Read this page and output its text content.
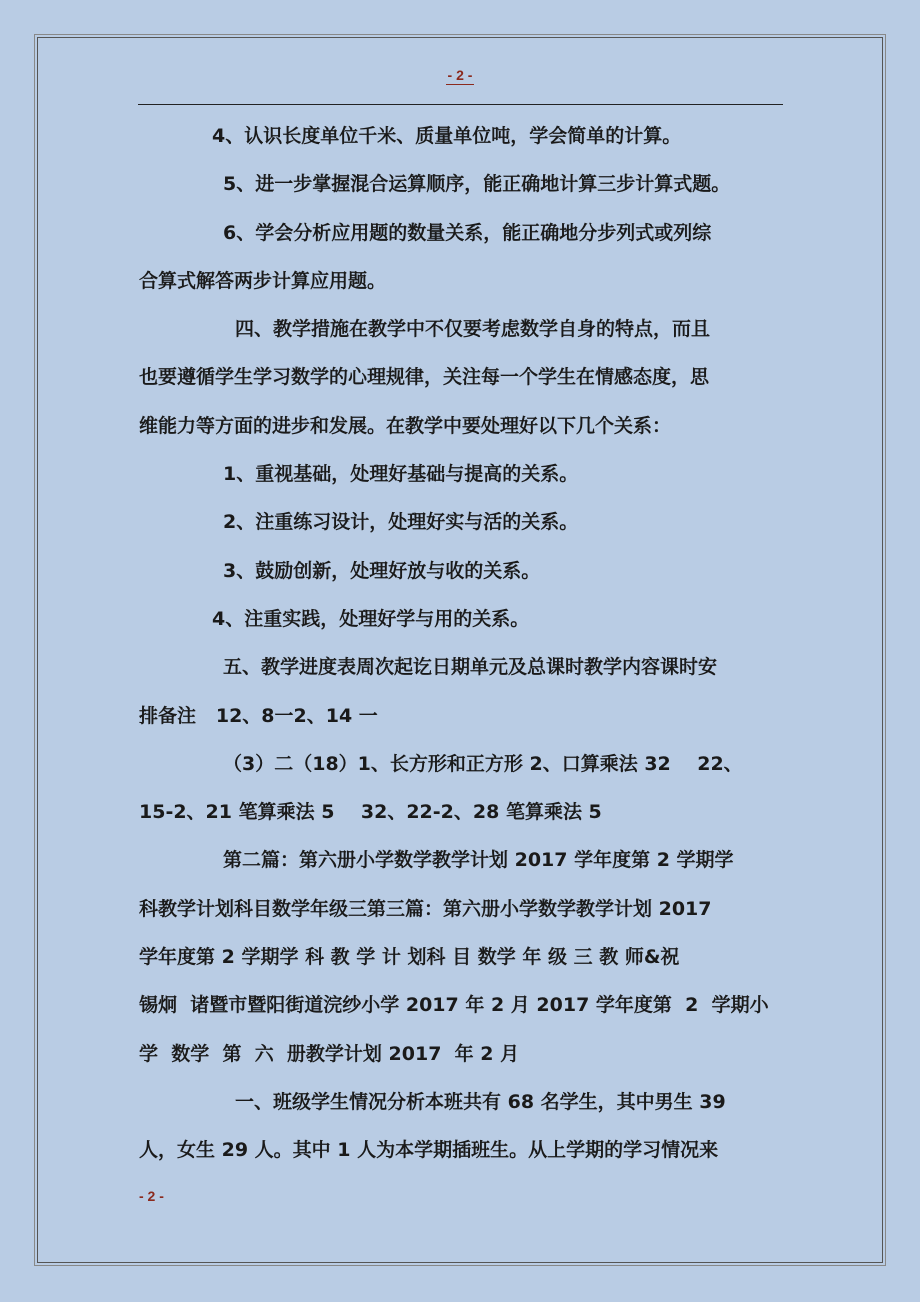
- 2 -

4、认识长度单位千米、质量单位吨，学会简单的计算。

5、进一步掌握混合运算顺序，能正确地计算三步计算式题。

6、学会分析应用题的数量关系，能正确地分步列式或列综

合算式解答两步计算应用题。

四、教学措施在教学中不仅要考虑数学自身的特点，而且

也要遵循学生学习数学的心理规律，关注每一个学生在情感态度，思

维能力等方面的进步和发展。在教学中要处理好以下几个关系：

1、重视基础，处理好基础与提高的关系。

2、注重练习设计，处理好实与活的关系。

3、鼓励创新，处理好放与收的关系。

4、注重实践，处理好学与用的关系。

五、教学进度表周次起讫日期单元及总课时教学内容课时安

排备注   12、8一2、14 一

（3）二（18）1、长方形和正方形 2、口算乘法 32    22、

15-2、21 笔算乘法 5    32、22-2、28 笔算乘法 5

第二篇：第六册小学数学教学计划 2017 学年度第 2 学期学

科教学计划科目数学年级三第三篇：第六册小学数学教学计划 2017

学年度第 2 学期学 科 教 学 计 划科 目 数学 年 级 三 教 师&祝

锡炯  诸暨市暨阳街道浣纱小学 2017 年 2 月 2017 学年度第  2  学期小

学  数学  第  六  册教学计划 2017  年 2 月

一、班级学生情况分析本班共有 68 名学生，其中男生 39

人，女生 29 人。其中 1 人为本学期插班生。从上学期的学习情况来

- 2 -
